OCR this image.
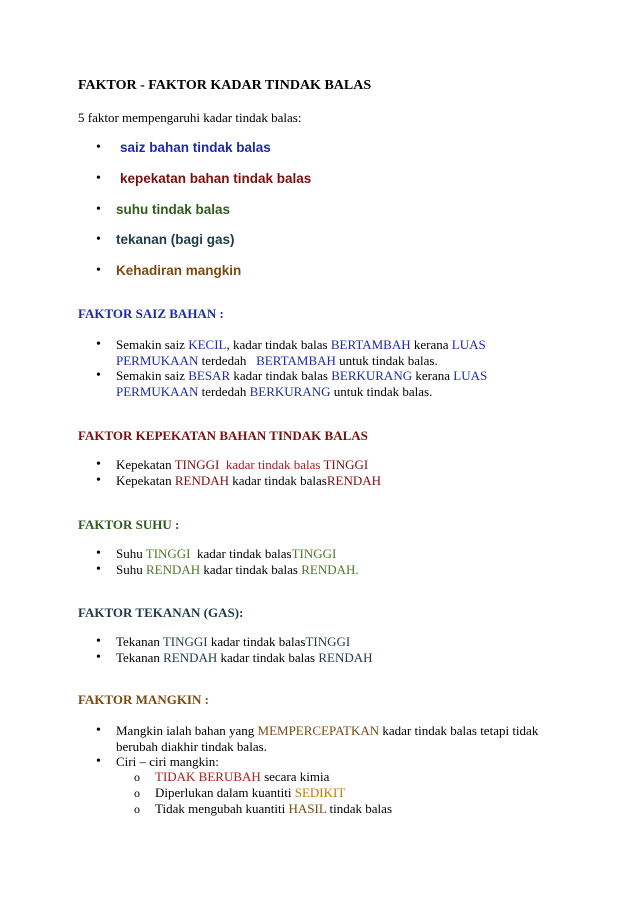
FAKTOR - FAKTOR KADAR TINDAK BALAS
5 faktor mempengaruhi kadar tindak balas:
• saiz bahan tindak balas
• kepekatan bahan tindak balas
• suhu tindak balas
• tekanan (bagi gas)
• Kehadiran mangkin
FAKTOR SAIZ BAHAN :
• Semakin saiz KECIL, kadar tindak balas BERTAMBAH kerana LUAS
PERMUKAAN terdedah   BERTAMBAH untuk tindak balas.
• Semakin saiz BESAR kadar tindak balas BERKURANG kerana LUAS
PERMUKAAN terdedah BERKURANG untuk tindak balas.
FAKTOR KEPEKATAN BAHAN TINDAK BALAS
• Kepekatan TINGGI  kadar tindak balas TINGGI
• Kepekatan RENDAH kadar tindak balasRENDAH
FAKTOR SUHU :
• Suhu TINGGI  kadar tindak balasTINGGI
• Suhu RENDAH kadar tindak balas RENDAH.
FAKTOR TEKANAN (GAS):
• Tekanan TINGGI kadar tindak balasTINGGI
• Tekanan RENDAH kadar tindak balas RENDAH
FAKTOR MANGKIN :
• Mangkin ialah bahan yang MEMPERCEPATKAN kadar tindak balas tetapi tidak
berubah diakhir tindak balas.
• Ciri – ciri mangkin:
o TIDAK BERUBAH secara kimia
o Diperlukan dalam kuantiti SEDIKIT
o Tidak mengubah kuantiti HASIL tindak balas
